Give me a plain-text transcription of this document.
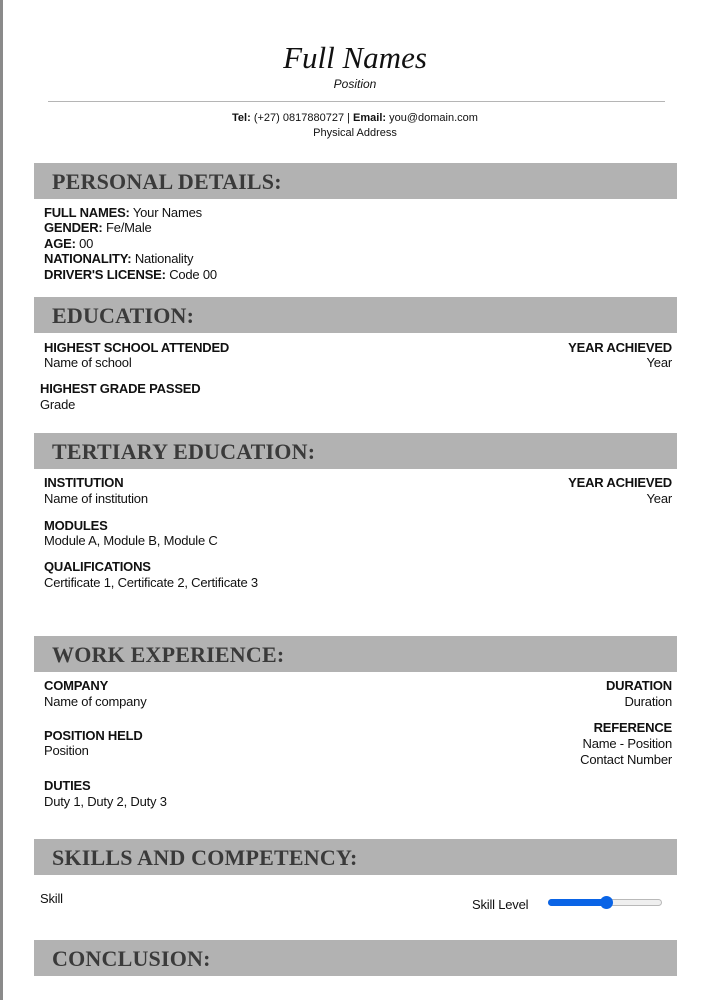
Full Names
Position
Tel: (+27) 0817880727 | Email: you@domain.com
Physical Address
PERSONAL DETAILS:
FULL NAMES: Your Names
GENDER: Fe/Male
AGE: 00
NATIONALITY: Nationality
DRIVER'S LICENSE: Code 00
EDUCATION:
HIGHEST SCHOOL ATTENDED
Name of school
YEAR ACHIEVED
Year
HIGHEST GRADE PASSED
Grade
TERTIARY EDUCATION:
INSTITUTION
Name of institution
YEAR ACHIEVED
Year
MODULES
Module A, Module B, Module C
QUALIFICATIONS
Certificate 1, Certificate 2, Certificate 3
WORK EXPERIENCE:
COMPANY
Name of company
DURATION
Duration
POSITION HELD
Position
REFERENCE
Name - Position
Contact Number
DUTIES
Duty 1, Duty 2, Duty 3
SKILLS AND COMPETENCY:
Skill	Skill Level
CONCLUSION:
